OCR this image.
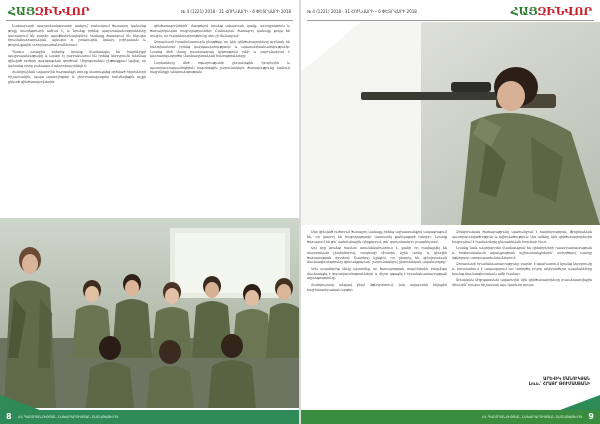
ՀԱՅԶԻՆՎՈՐ	№ 4 (1221) 2018 · 31 ՀՈՒՆՎԱՐԻ – 6 ՓԵՏՐՎԱՐԻ 2018

Նախարարի պաշտոնակատարի ասելով՝ բանակում ծառայող կանանց թիվը տարեցտարի աճում է, և նրանք իրենց պարտականությունները կատարում են բարձր պրոֆեսիոնալիզմով։ Կանայք ծառայում են ինչպես հրամանատարական, այնպես էլ շտաբային, կապի, բժշկական և թիկունքային ստորաբաժանումներում։

Դեռևս առաջին օրերից նրանք մասնակցել են հայրենիքի պաշտպանությանը և այսօր էլ շարունակում են իրենց ներդրումն ունենալ զինված ուժերի զարգացման գործում։ Միջոցառման ընթացքում նշվեց, որ կանանց դերը բանակում անփոխարինելի է։

Հանդիպման ավարտին հարգանքի տուրք մատուցվեց զոհված հերոսների հիշատակին, ապա պատվոգրեր և շնորհակալագրեր հանձնվեցին աչքի ընկած զինծառայողներին։

զինծառայողներին՝ մաղթելով նրանց անսասան կամք, առողջություն և ծառայողական հաջողություններ։ Բանակում ծառայող կանայք ցույց են տալիս, որ հայրենասիրությունը սեռ չի ճանաչում։

Զորամասի հրամանատարն ընդգծեց, որ կին զինծառայողները օրինակ են հանդիսանում իրենց կարգապահությամբ և պատասխանատվությամբ։ Նրանց մեծ մասը բարձրագույն կրթություն ունի և շարունակում է կատարելագործել մասնագիտական հմտությունները։

Ներկաները մեծ ոգևորությամբ ընդունեցին հյուրերին և պատրաստակամություն հայտնեցին շարունակելու ծառայությունը հանուն հայրենիքի անվտանգության։

8 ՀՀ ՊԱՇՏՊԱՆՈՒԹՅԱՆ ՆԱԽԱՐԱՐՈՒԹՅԱՆ ՇԱԲԱԹԱԹԵՐԹ
№ 4 (1221) 2018 · 31 ՀՈՒՆՎԱՐԻ – 6 ՓԵՏՐՎԱՐԻ 2018	ՀԱՅԶԻՆՎՈՐ

Մեր զինված ուժերում ծառայող կանայք իրենց աշխատանքով ապացուցում են, որ կարող են հաջողությամբ կատարել ցանկացած խնդիր։ Նրանք ծառայում են թե՛ սահմանային դիրքերում, թե՛ զորամասերի շտաբներում։

Այս օրը նրանց համար առանձնահատուկ է, քանի որ հավաքվել են մարտական ընկերներով, որպեսզի միասին նշեն տոնը և կիսվեն ծառայության փորձով։ Շատերը նշեցին, որ ընտրել են զինվորական մասնագիտությունը գիտակցաբար՝ շարունակելով ընտանեկան ավանդույթը։

Կին սպաներից մեկը պատմեց, որ ծառայության տարիներին բազմիցս մասնակցել է զորավարժությունների և միշտ զգացել է հրամանատարության աջակցությունը։

Հանդիպումը անցավ ջերմ մթնոլորտում, իսկ ավարտին հնչեցին հայրենասիրական երգեր։

Զինվորական ծառայությունը պահանջում է համբերություն, ֆիզիկական պատրաստվածություն և նվիրվածություն։ Այս ամենը կին զինծառայողներին հաջողվում է համատեղել ընտանեկան հոգսերի հետ։

Նրանք նաև ակտիվորեն մասնակցում են զինվորների դաստիարակության և հոգեբանական աջակցության աշխատանքներին՝ ստեղծելով առողջ մթնոլորտ ստորաբաժանումներում։

Զորամասի հրամանատարությունը բարձր է գնահատում նրանց ներդրումը և խոստանում է ապագայում ևս ստեղծել բոլոր անհրաժեշտ պայմանները նրանց մասնագիտական աճի համար։

Տոնական միջոցառման ավարտին կին զինծառայողները լուսանկարվեցին միասին՝ որպես հիշատակ այս կարևոր օրվա։

ԱՐԵՎԻԿ ՄԱՆՈՒԿՅԱՆ
Լուս.՝ ՀՐԱՅՐ ԹՈՒՄԱՍՅԱՆԻ
9
ՀՀ ՊԱՇՏՊԱՆՈՒԹՅԱՆ ՆԱԽԱՐԱՐՈՒԹՅԱՆ ՇԱԲԱԹԱԹԵՐԹ
